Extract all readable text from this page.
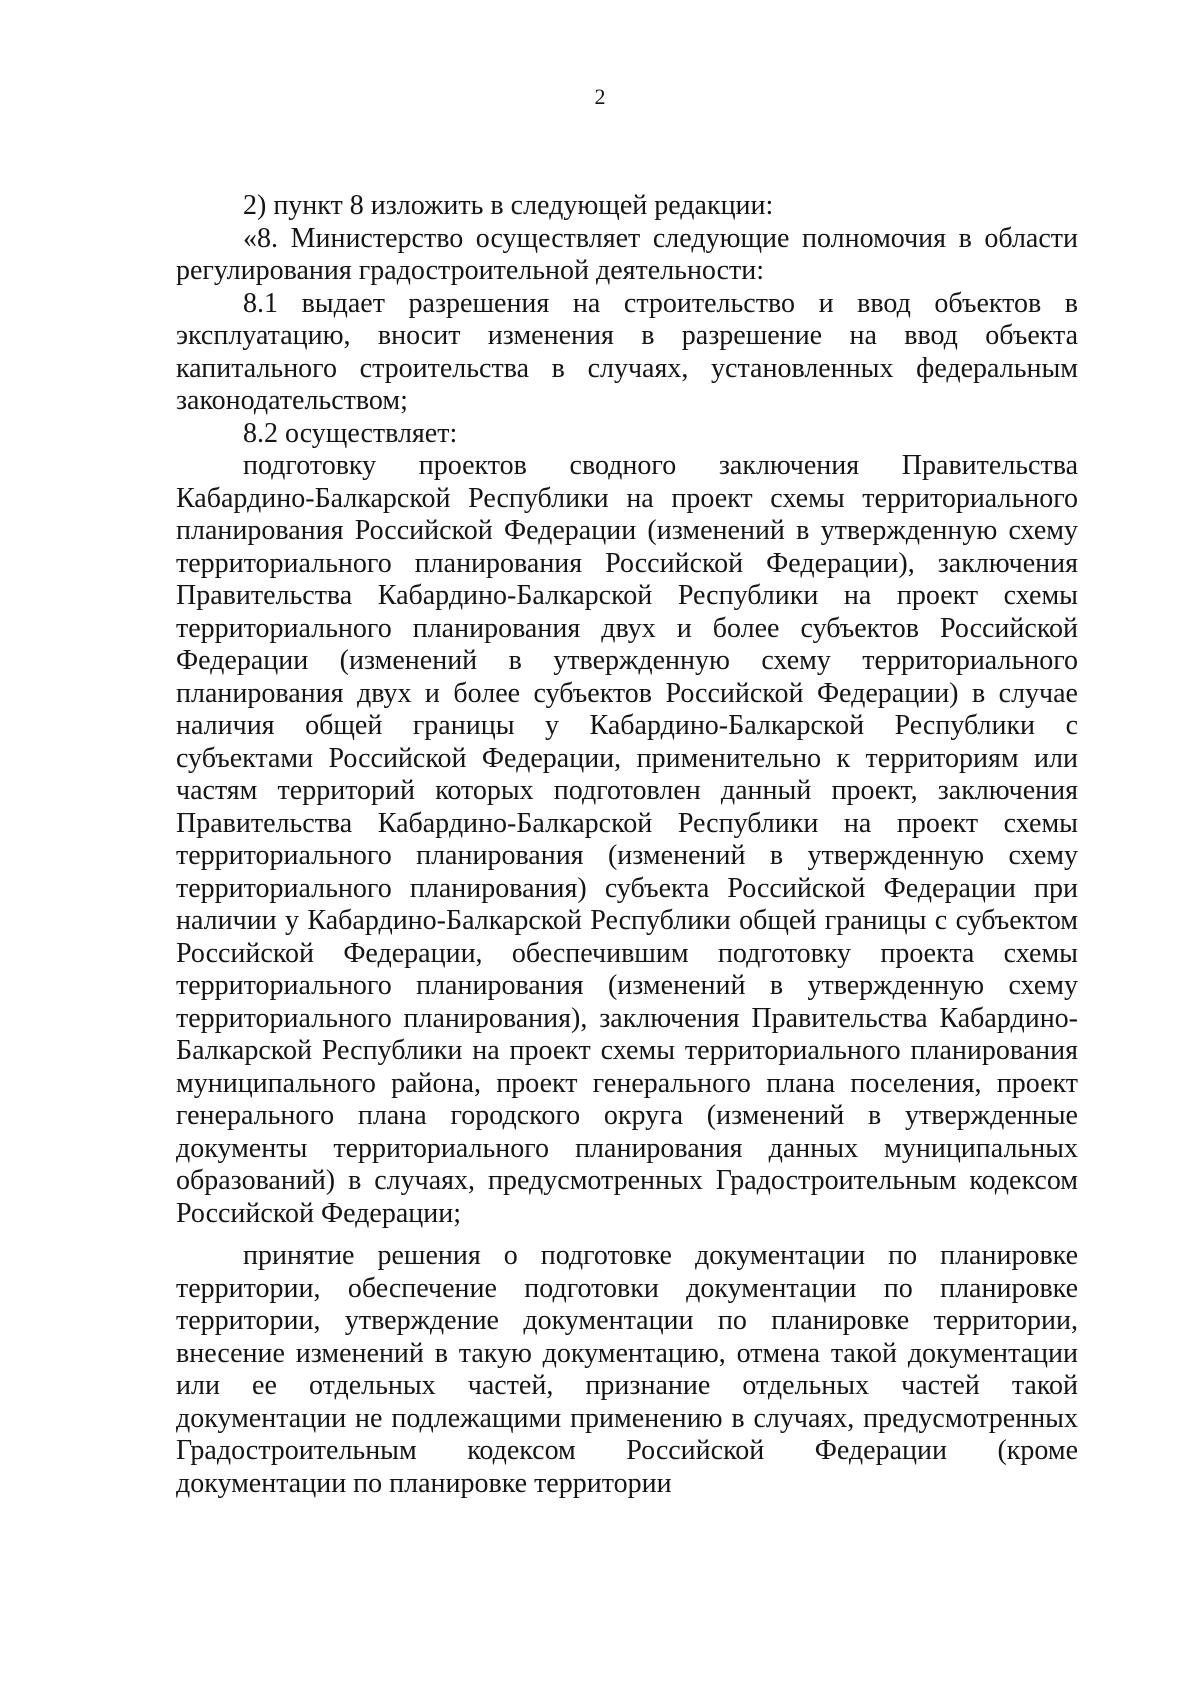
2

2) пункт 8 изложить в следующей редакции:

«8. Министерство осуществляет следующие полномочия в области регулирования градостроительной деятельности:

8.1 выдает разрешения на строительство и ввод объектов в эксплуатацию, вносит изменения в разрешение на ввод объекта капитального строительства в случаях, установленных федеральным законодательством;

8.2 осуществляет:

подготовку проектов сводного заключения Правительства Кабардино-Балкарской Республики на проект схемы территориального планирования Российской Федерации (изменений в утвержденную схему территориального планирования Российской Федерации), заключения Правительства Кабардино-Балкарской Республики на проект схемы территориального планирования двух и более субъектов Российской Федерации (изменений в утвержденную схему территориального планирования двух и более субъектов Российской Федерации) в случае наличия общей границы у Кабардино-Балкарской Республики с субъектами Российской Федерации, применительно к территориям или частям территорий которых подготовлен данный проект, заключения Правительства Кабардино-Балкарской Республики на проект схемы территориального планирования (изменений в утвержденную схему территориального планирования) субъекта Российской Федерации при наличии у Кабардино-Балкарской Республики общей границы с субъектом Российской Федерации, обеспечившим подготовку проекта схемы территориального планирования (изменений в утвержденную схему территориального планирования), заключения Правительства Кабардино-Балкарской Республики на проект схемы территориального планирования муниципального района, проект генерального плана поселения, проект генерального плана городского округа (изменений в утвержденные документы территориального планирования данных муниципальных образований) в случаях, предусмотренных Градостроительным кодексом Российской Федерации;

принятие решения о подготовке документации по планировке территории, обеспечение подготовки документации по планировке территории, утверждение документации по планировке территории, внесение изменений в такую документацию, отмена такой документации или ее отдельных частей, признание отдельных частей такой документации не подлежащими применению в случаях, предусмотренных Градостроительным кодексом Российской Федерации (кроме документации по планировке территории
